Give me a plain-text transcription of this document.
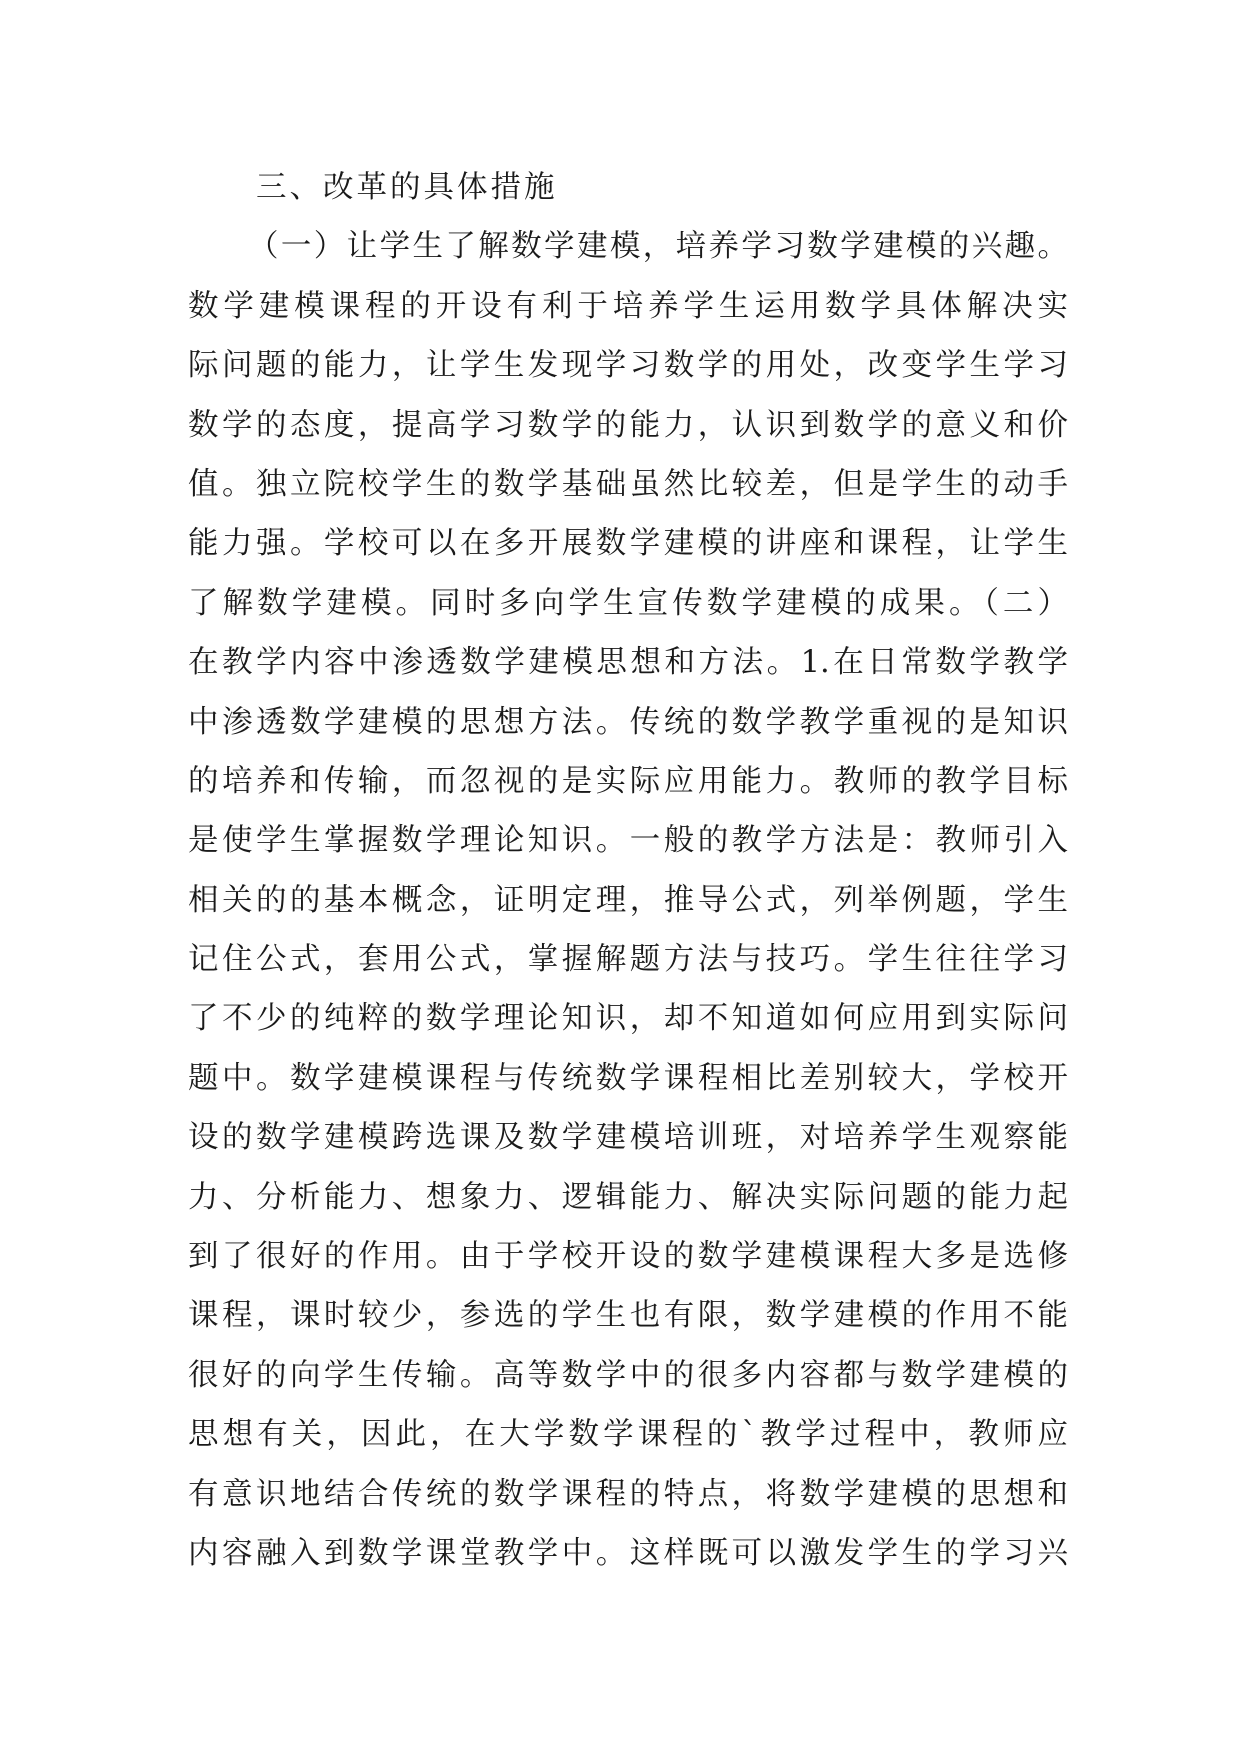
三、改革的具体措施
（一）让学生了解数学建模，培养学习数学建模的兴趣。
数学建模课程的开设有利于培养学生运用数学具体解决实
际问题的能力，让学生发现学习数学的用处，改变学生学习
数学的态度，提高学习数学的能力，认识到数学的意义和价
值。独立院校学生的数学基础虽然比较差，但是学生的动手
能力强。学校可以在多开展数学建模的讲座和课程，让学生
了解数学建模。同时多向学生宣传数学建模的成果。（二）
在教学内容中渗透数学建模思想和方法。1.在日常数学教学
中渗透数学建模的思想方法。传统的数学教学重视的是知识
的培养和传输，而忽视的是实际应用能力。教师的教学目标
是使学生掌握数学理论知识。一般的教学方法是：教师引入
相关的的基本概念，证明定理，推导公式，列举例题，学生
记住公式，套用公式，掌握解题方法与技巧。学生往往学习
了不少的纯粹的数学理论知识，却不知道如何应用到实际问
题中。数学建模课程与传统数学课程相比差别较大，学校开
设的数学建模跨选课及数学建模培训班，对培养学生观察能
力、分析能力、想象力、逻辑能力、解决实际问题的能力起
到了很好的作用。由于学校开设的数学建模课程大多是选修
课程，课时较少，参选的学生也有限，数学建模的作用不能
很好的向学生传输。高等数学中的很多内容都与数学建模的
思想有关，因此，在大学数学课程的`教学过程中，教师应
有意识地结合传统的数学课程的特点，将数学建模的思想和
内容融入到数学课堂教学中。这样既可以激发学生的学习兴
